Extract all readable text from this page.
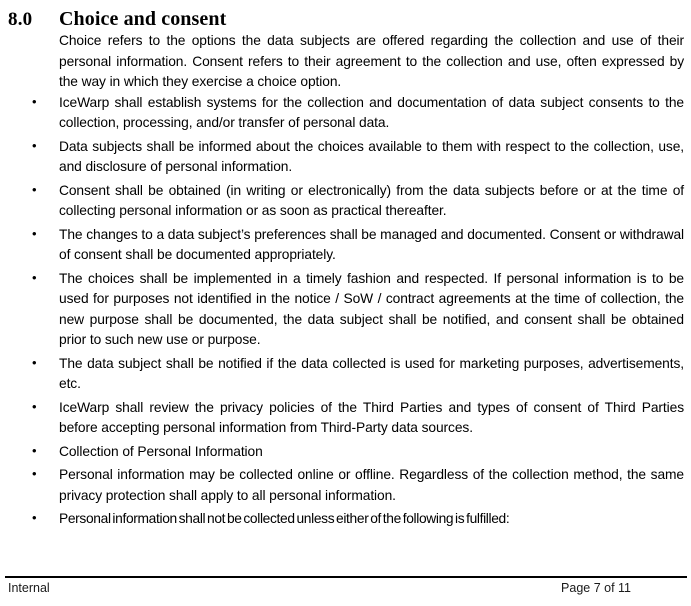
8.0	Choice and consent

Choice refers to the options the data subjects are offered regarding the collection and use of their personal information. Consent refers to their agreement to the collection and use, often expressed by the way in which they exercise a choice option.

• IceWarp shall establish systems for the collection and documentation of data subject consents to the collection, processing, and/or transfer of personal data.
• Data subjects shall be informed about the choices available to them with respect to the collection, use, and disclosure of personal information.
• Consent shall be obtained (in writing or electronically) from the data subjects before or at the time of collecting personal information or as soon as practical thereafter.
• The changes to a data subject’s preferences shall be managed and documented. Consent or withdrawal of consent shall be documented appropriately.
• The choices shall be implemented in a timely fashion and respected. If personal information is to be used for purposes not identified in the notice / SoW / contract agreements at the time of collection, the new purpose shall be documented, the data subject shall be notified, and consent shall be obtained prior to such new use or purpose.
• The data subject shall be notified if the data collected is used for marketing purposes, advertisements, etc.
• IceWarp shall review the privacy policies of the Third Parties and types of consent of Third Parties before accepting personal information from Third-Party data sources.
• Collection of Personal Information
• Personal information may be collected online or offline. Regardless of the collection method, the same privacy protection shall apply to all personal information.
• Personal information shall not be collected unless either of the following is fulfilled:
Internal	Page 7 of 11
